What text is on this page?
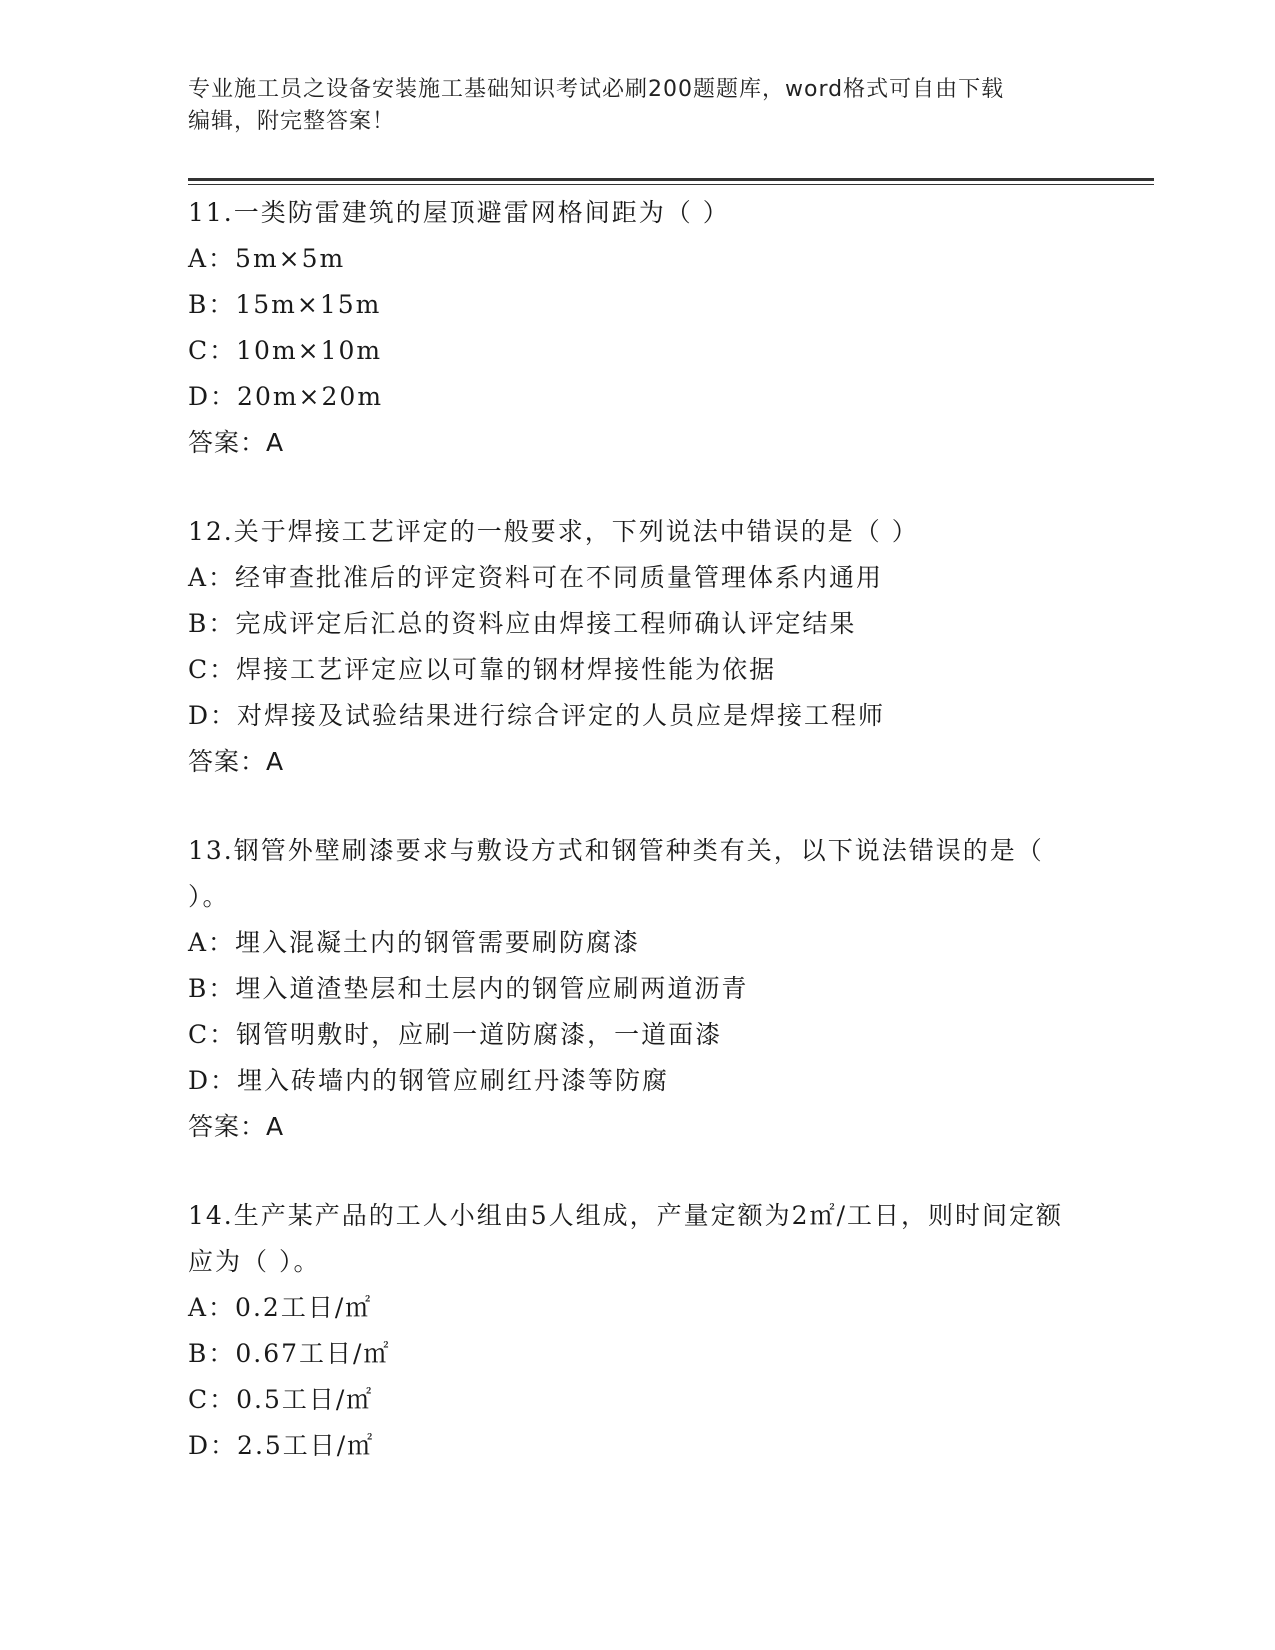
专业施工员之设备安装施工基础知识考试必刷200题题库，word格式可自由下载
编辑，附完整答案！
11.一类防雷建筑的屋顶避雷网格间距为（ ）
A：5m×5m
B：15m×15m
C：10m×10m
D：20m×20m
答案：A
12.关于焊接工艺评定的一般要求，下列说法中错误的是（ ）
A：经审查批准后的评定资料可在不同质量管理体系内通用
B：完成评定后汇总的资料应由焊接工程师确认评定结果
C：焊接工艺评定应以可靠的钢材焊接性能为依据
D：对焊接及试验结果进行综合评定的人员应是焊接工程师
答案：A
13.钢管外壁刷漆要求与敷设方式和钢管种类有关，以下说法错误的是（ ）。
A：埋入混凝土内的钢管需要刷防腐漆
B：埋入道渣垫层和土层内的钢管应刷两道沥青
C：钢管明敷时，应刷一道防腐漆，一道面漆
D：埋入砖墙内的钢管应刷红丹漆等防腐
答案：A
14.生产某产品的工人小组由5人组成，产量定额为2㎡/工日，则时间定额应为（ ）。
A：0.2工日/㎡
B：0.67工日/㎡
C：0.5工日/㎡
D：2.5工日/㎡
